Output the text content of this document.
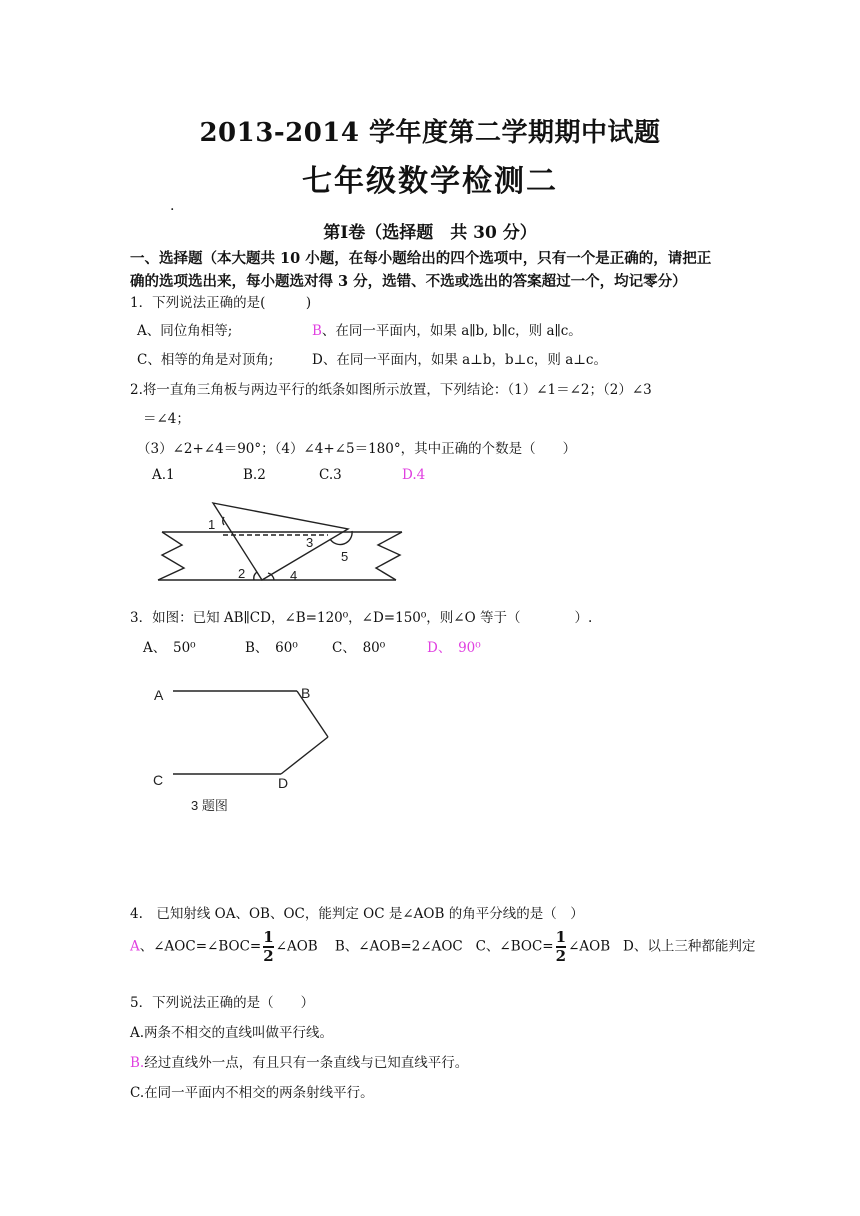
2013-2014 学年度第二学期期中试题
七年级数学检测二
.
第Ⅰ卷（选择题　共 30 分）
一、选择题（本大题共 10 小题，在每小题给出的四个选项中，只有一个是正确的，请把正
确的选项选出来，每小题选对得 3 分，选错、不选或选出的答案超过一个，均记零分）
1．下列说法正确的是(　　　)
A、同位角相等;	B、在同一平面内，如果 a∥b, b∥c，则 a∥c。
C、相等的角是对顶角;	D、在同一平面内，如果 a⊥b，b⊥c，则 a⊥c。
2.将一直角三角板与两边平行的纸条如图所示放置，下列结论：（1）∠1＝∠2；（2）∠3
＝∠4；
（3）∠2+∠4＝90°；（4）∠4+∠5＝180°，其中正确的个数是（　　）
A.1	B.2	C.3	D.4
1
2
3
4
5
3．如图：已知 AB∥CD，∠B=120⁰，∠D=150⁰，则∠O 等于（　　　　）.
A、　50⁰	B、　60⁰	C、　80⁰	D、　90⁰
A	B
C	D
3 题图
4.　已知射线 OA、OB、OC，能判定 OC 是∠AOB 的角平分线的是（　）
A、∠AOC=∠BOC= $\frac{1}{2}$ ∠AOB B、∠AOB=2∠AOC C、∠BOC= $\frac{1}{2}$ ∠AOB D、以上三种都能判定
5．下列说法正确的是（　　）
A.两条不相交的直线叫做平行线。
B.经过直线外一点，有且只有一条直线与已知直线平行。
C.在同一平面内不相交的两条射线平行。
